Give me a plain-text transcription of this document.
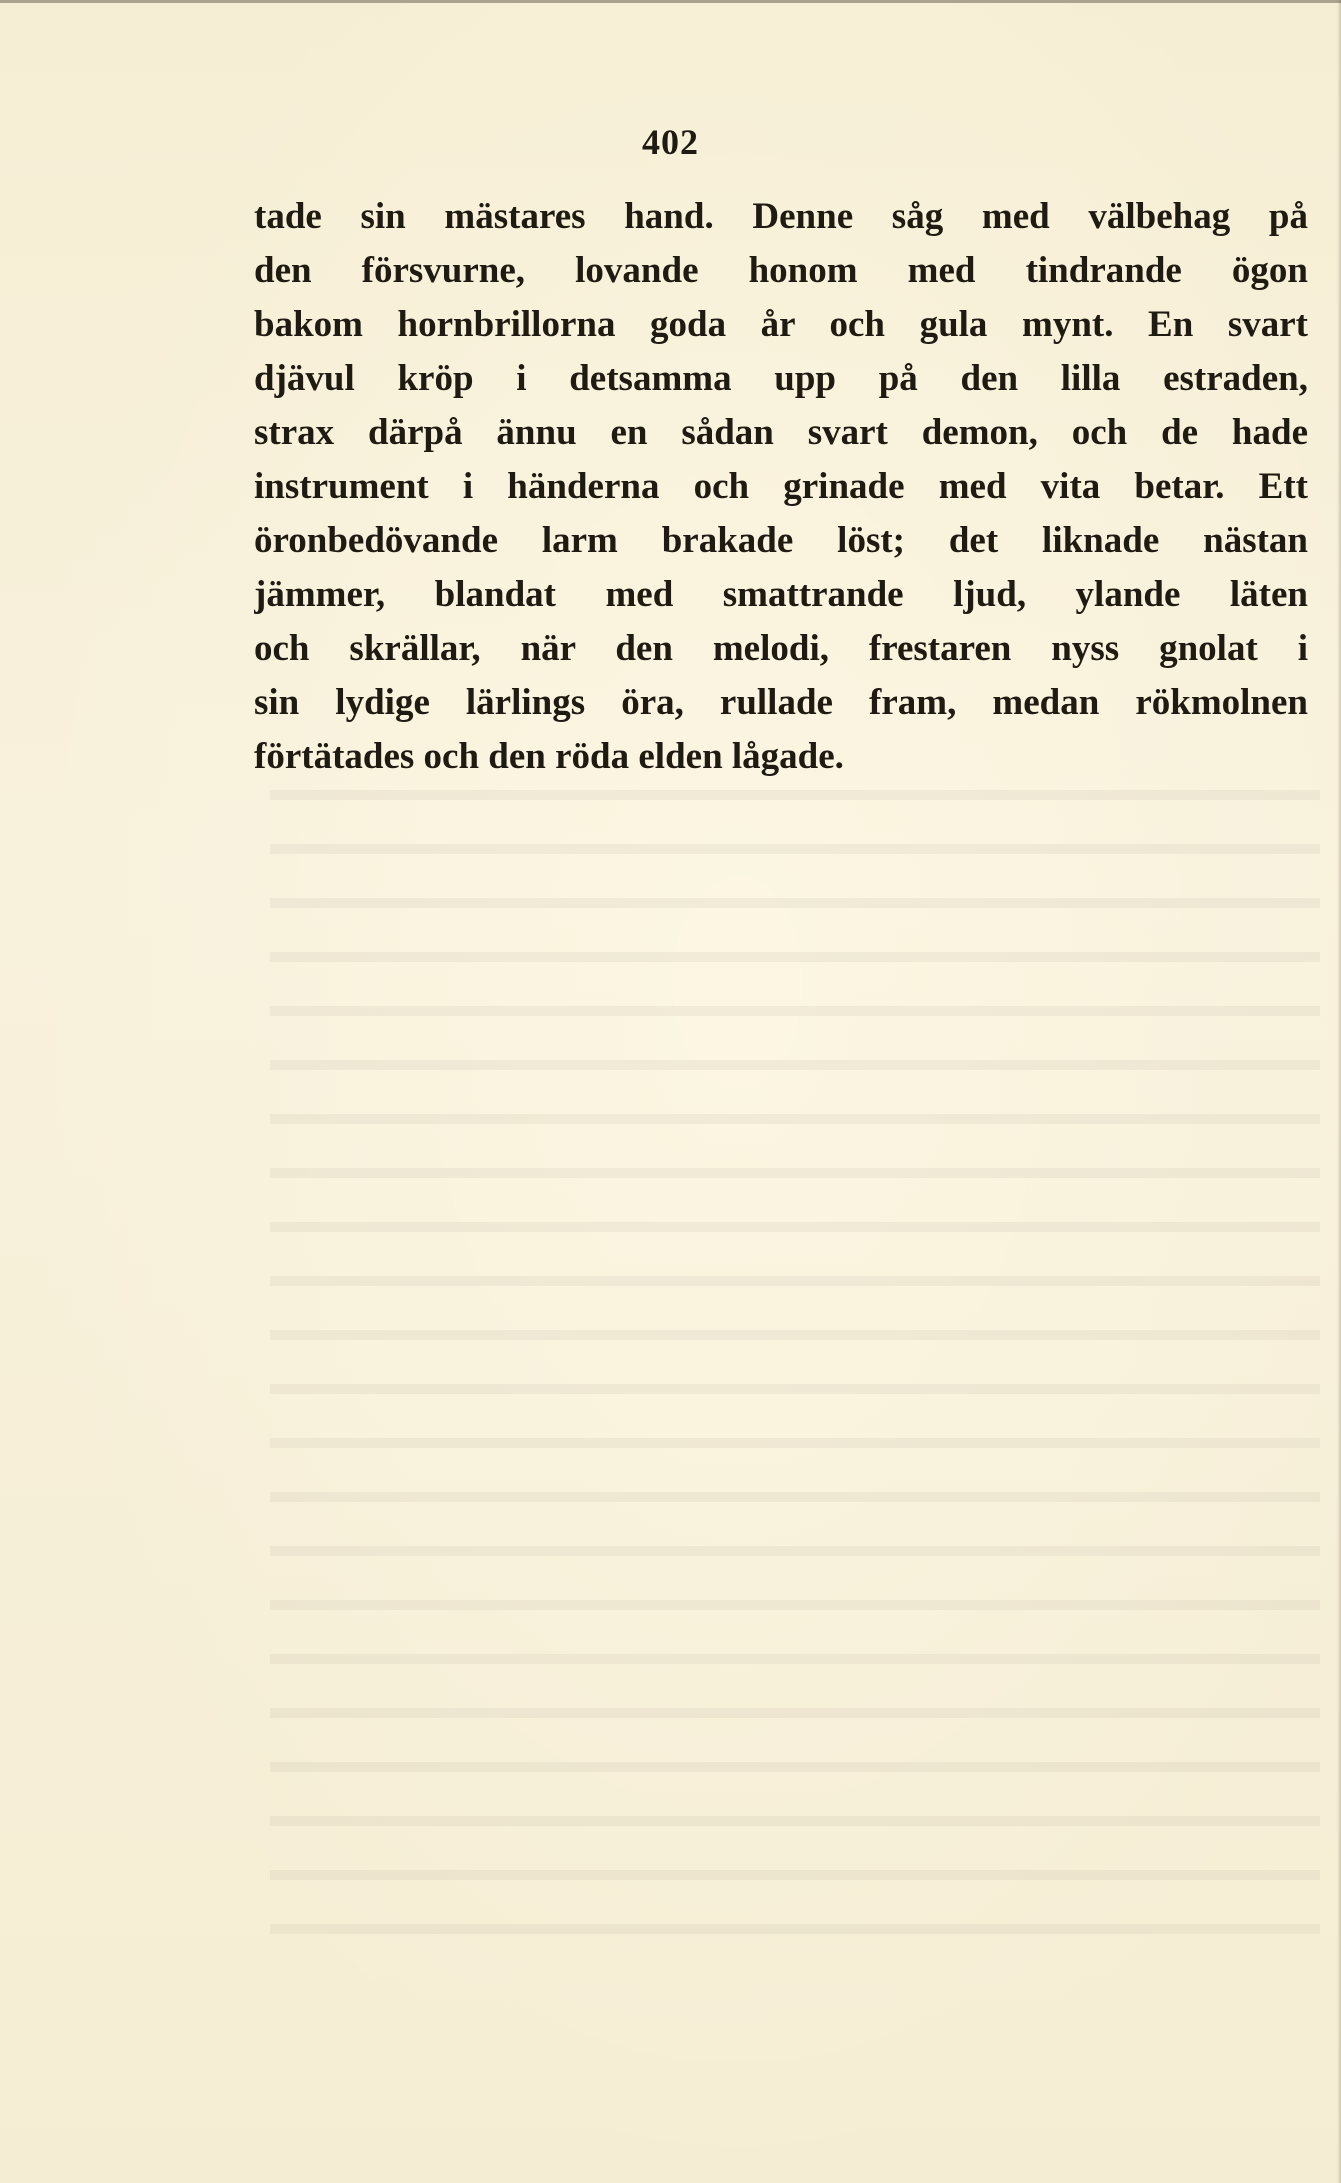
402
tade sin mästares hand. Denne såg med välbehag på
den försvurne, lovande honom med tindrande ögon
bakom hornbrillorna goda år och gula mynt. En svart
djävul kröp i detsamma upp på den lilla estraden,
strax därpå ännu en sådan svart demon, och de hade
instrument i händerna och grinade med vita betar. Ett
öronbedövande larm brakade löst; det liknade nästan
jämmer, blandat med smattrande ljud, ylande läten
och skrällar, när den melodi, frestaren nyss gnolat i
sin lydige lärlings öra, rullade fram, medan rökmolnen
förtätades och den röda elden lågade.
